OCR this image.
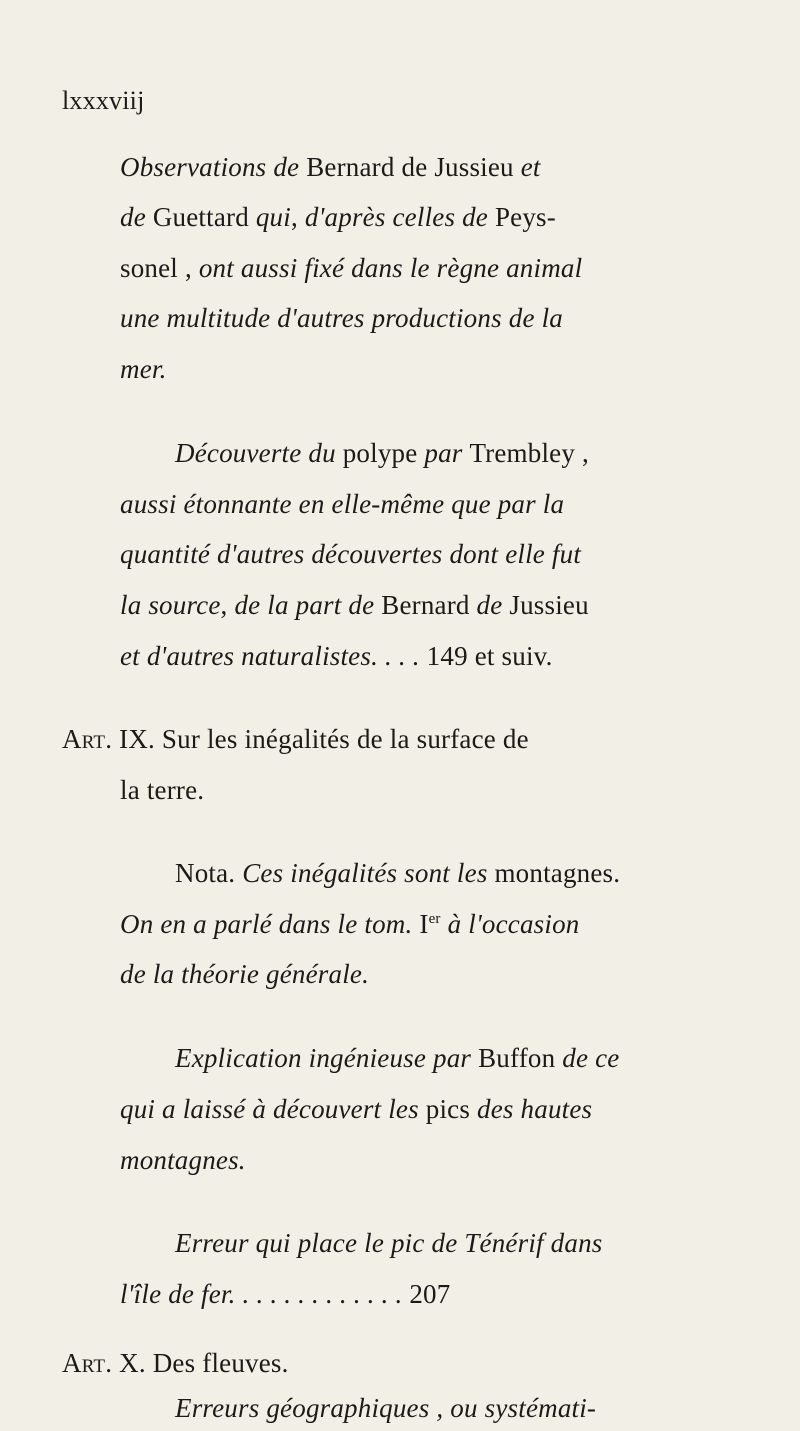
lxxxviij
Observations de Bernard de Jussieu et
de Guettard qui, d'après celles de Peys-
sonel , ont aussi fixé dans le règne animal
une multitude d'autres productions de la
mer.
Découverte du polype par Trembley ,
aussi étonnante en elle-même que par la
quantité d'autres découvertes dont elle fut
la source, de la part de Bernard de Jussieu
et d'autres naturalistes. . . . 149 et suiv.
Art. IX. Sur les inégalités de la surface de
la terre.
Nota. Ces inégalités sont les montagnes.
On en a parlé dans le tom. Ier à l'occasion
de la théorie générale.
Explication ingénieuse par Buffon de ce
qui a laissé à découvert les pics des hautes
montagnes.
Erreur qui place le pic de Ténérif dans
l'île de fer. . . . . . . . . . . . . 207
Art. X. Des fleuves.
Erreurs géographiques , ou systémati-
